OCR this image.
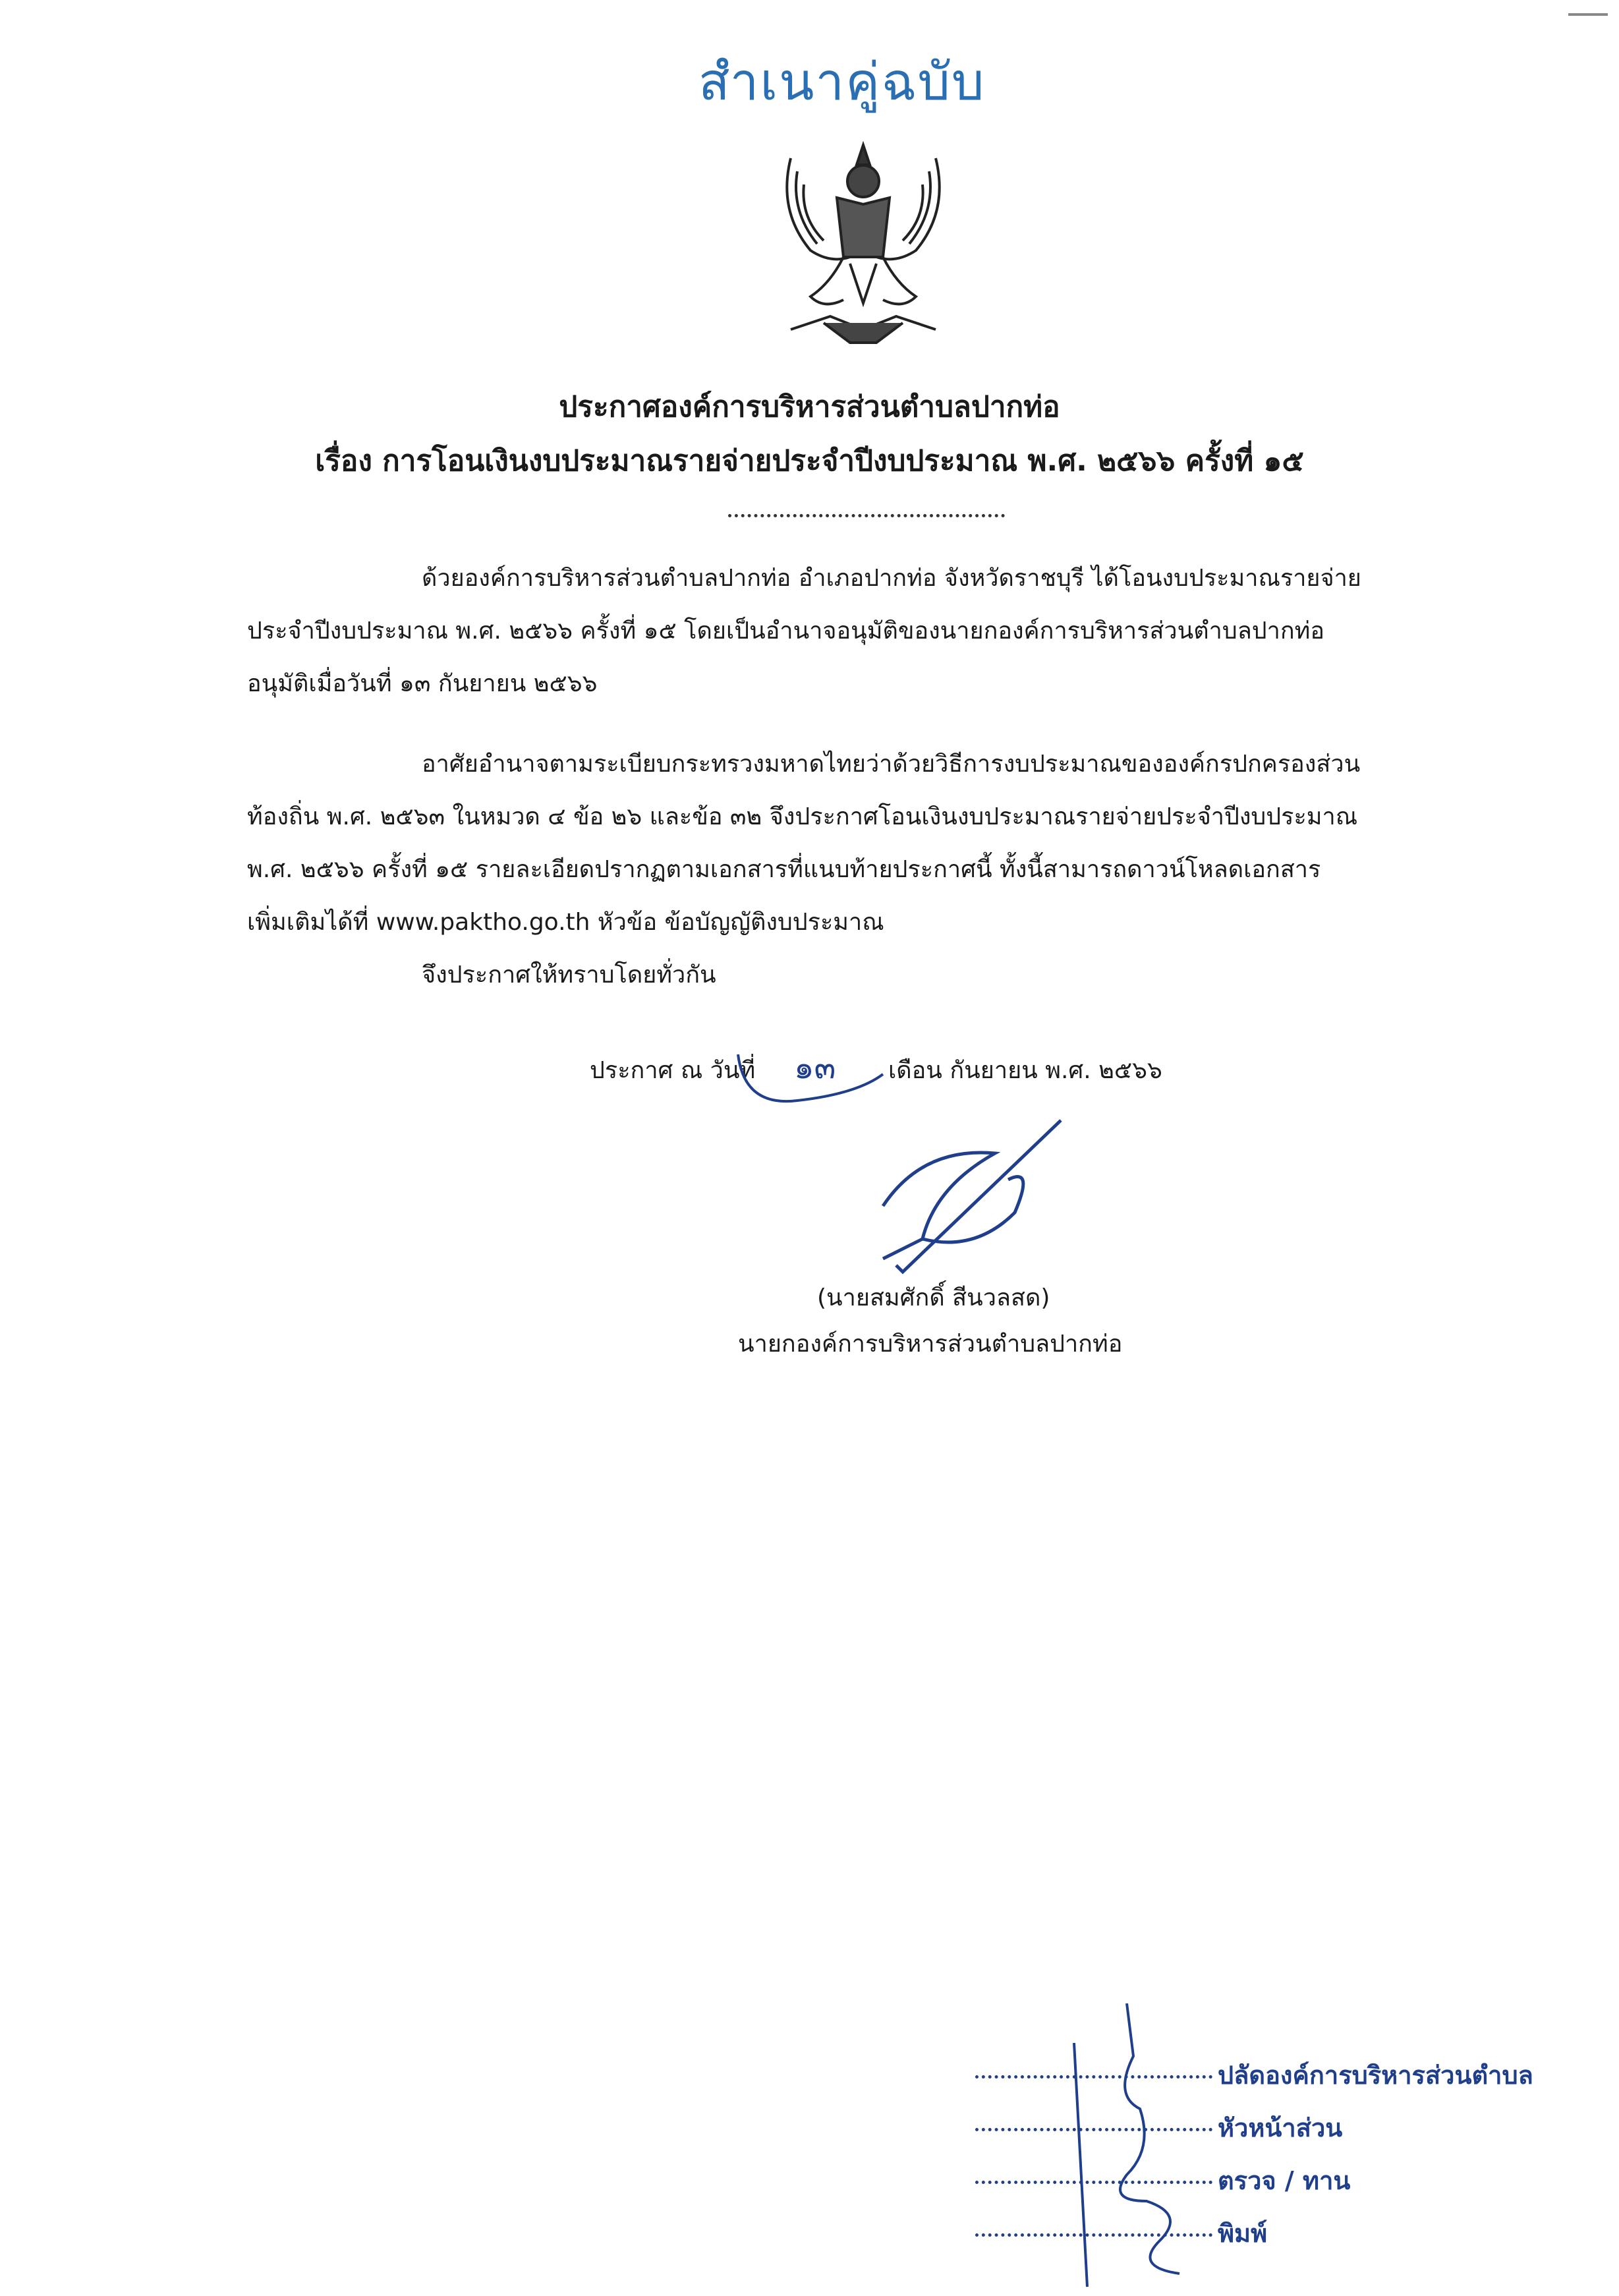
สำเนาคู่ฉบับ
ประกาศองค์การบริหารส่วนตำบลปากท่อ
เรื่อง การโอนเงินงบประมาณรายจ่ายประจำปีงบประมาณ พ.ศ. ๒๕๖๖ ครั้งที่ ๑๕
ด้วยองค์การบริหารส่วนตำบลปากท่อ อำเภอปากท่อ จังหวัดราชบุรี ได้โอนงบประมาณรายจ่าย
ประจำปีงบประมาณ พ.ศ. ๒๕๖๖ ครั้งที่ ๑๕ โดยเป็นอำนาจอนุมัติของนายกองค์การบริหารส่วนตำบลปากท่อ
อนุมัติเมื่อวันที่ ๑๓ กันยายน ๒๕๖๖
อาศัยอำนาจตามระเบียบกระทรวงมหาดไทยว่าด้วยวิธีการงบประมาณขององค์กรปกครองส่วน
ท้องถิ่น พ.ศ. ๒๕๖๓ ในหมวด ๔ ข้อ ๒๖ และข้อ ๓๒ จึงประกาศโอนเงินงบประมาณรายจ่ายประจำปีงบประมาณ
พ.ศ. ๒๕๖๖ ครั้งที่ ๑๕ รายละเอียดปรากฏตามเอกสารที่แนบท้ายประกาศนี้ ทั้งนี้สามารถดาวน์โหลดเอกสาร
เพิ่มเติมได้ที่ www.paktho.go.th หัวข้อ ข้อบัญญัติงบประมาณ
จึงประกาศให้ทราบโดยทั่วกัน
ประกาศ ณ วันที่ ๑๓ เดือน กันยายน พ.ศ. ๒๕๖๖
(นายสมศักดิ์ สีนวลสด)
นายกองค์การบริหารส่วนตำบลปากท่อ
ปลัดองค์การบริหารส่วนตำบล
หัวหน้าส่วน
ตรวจ / ทาน
พิมพ์
